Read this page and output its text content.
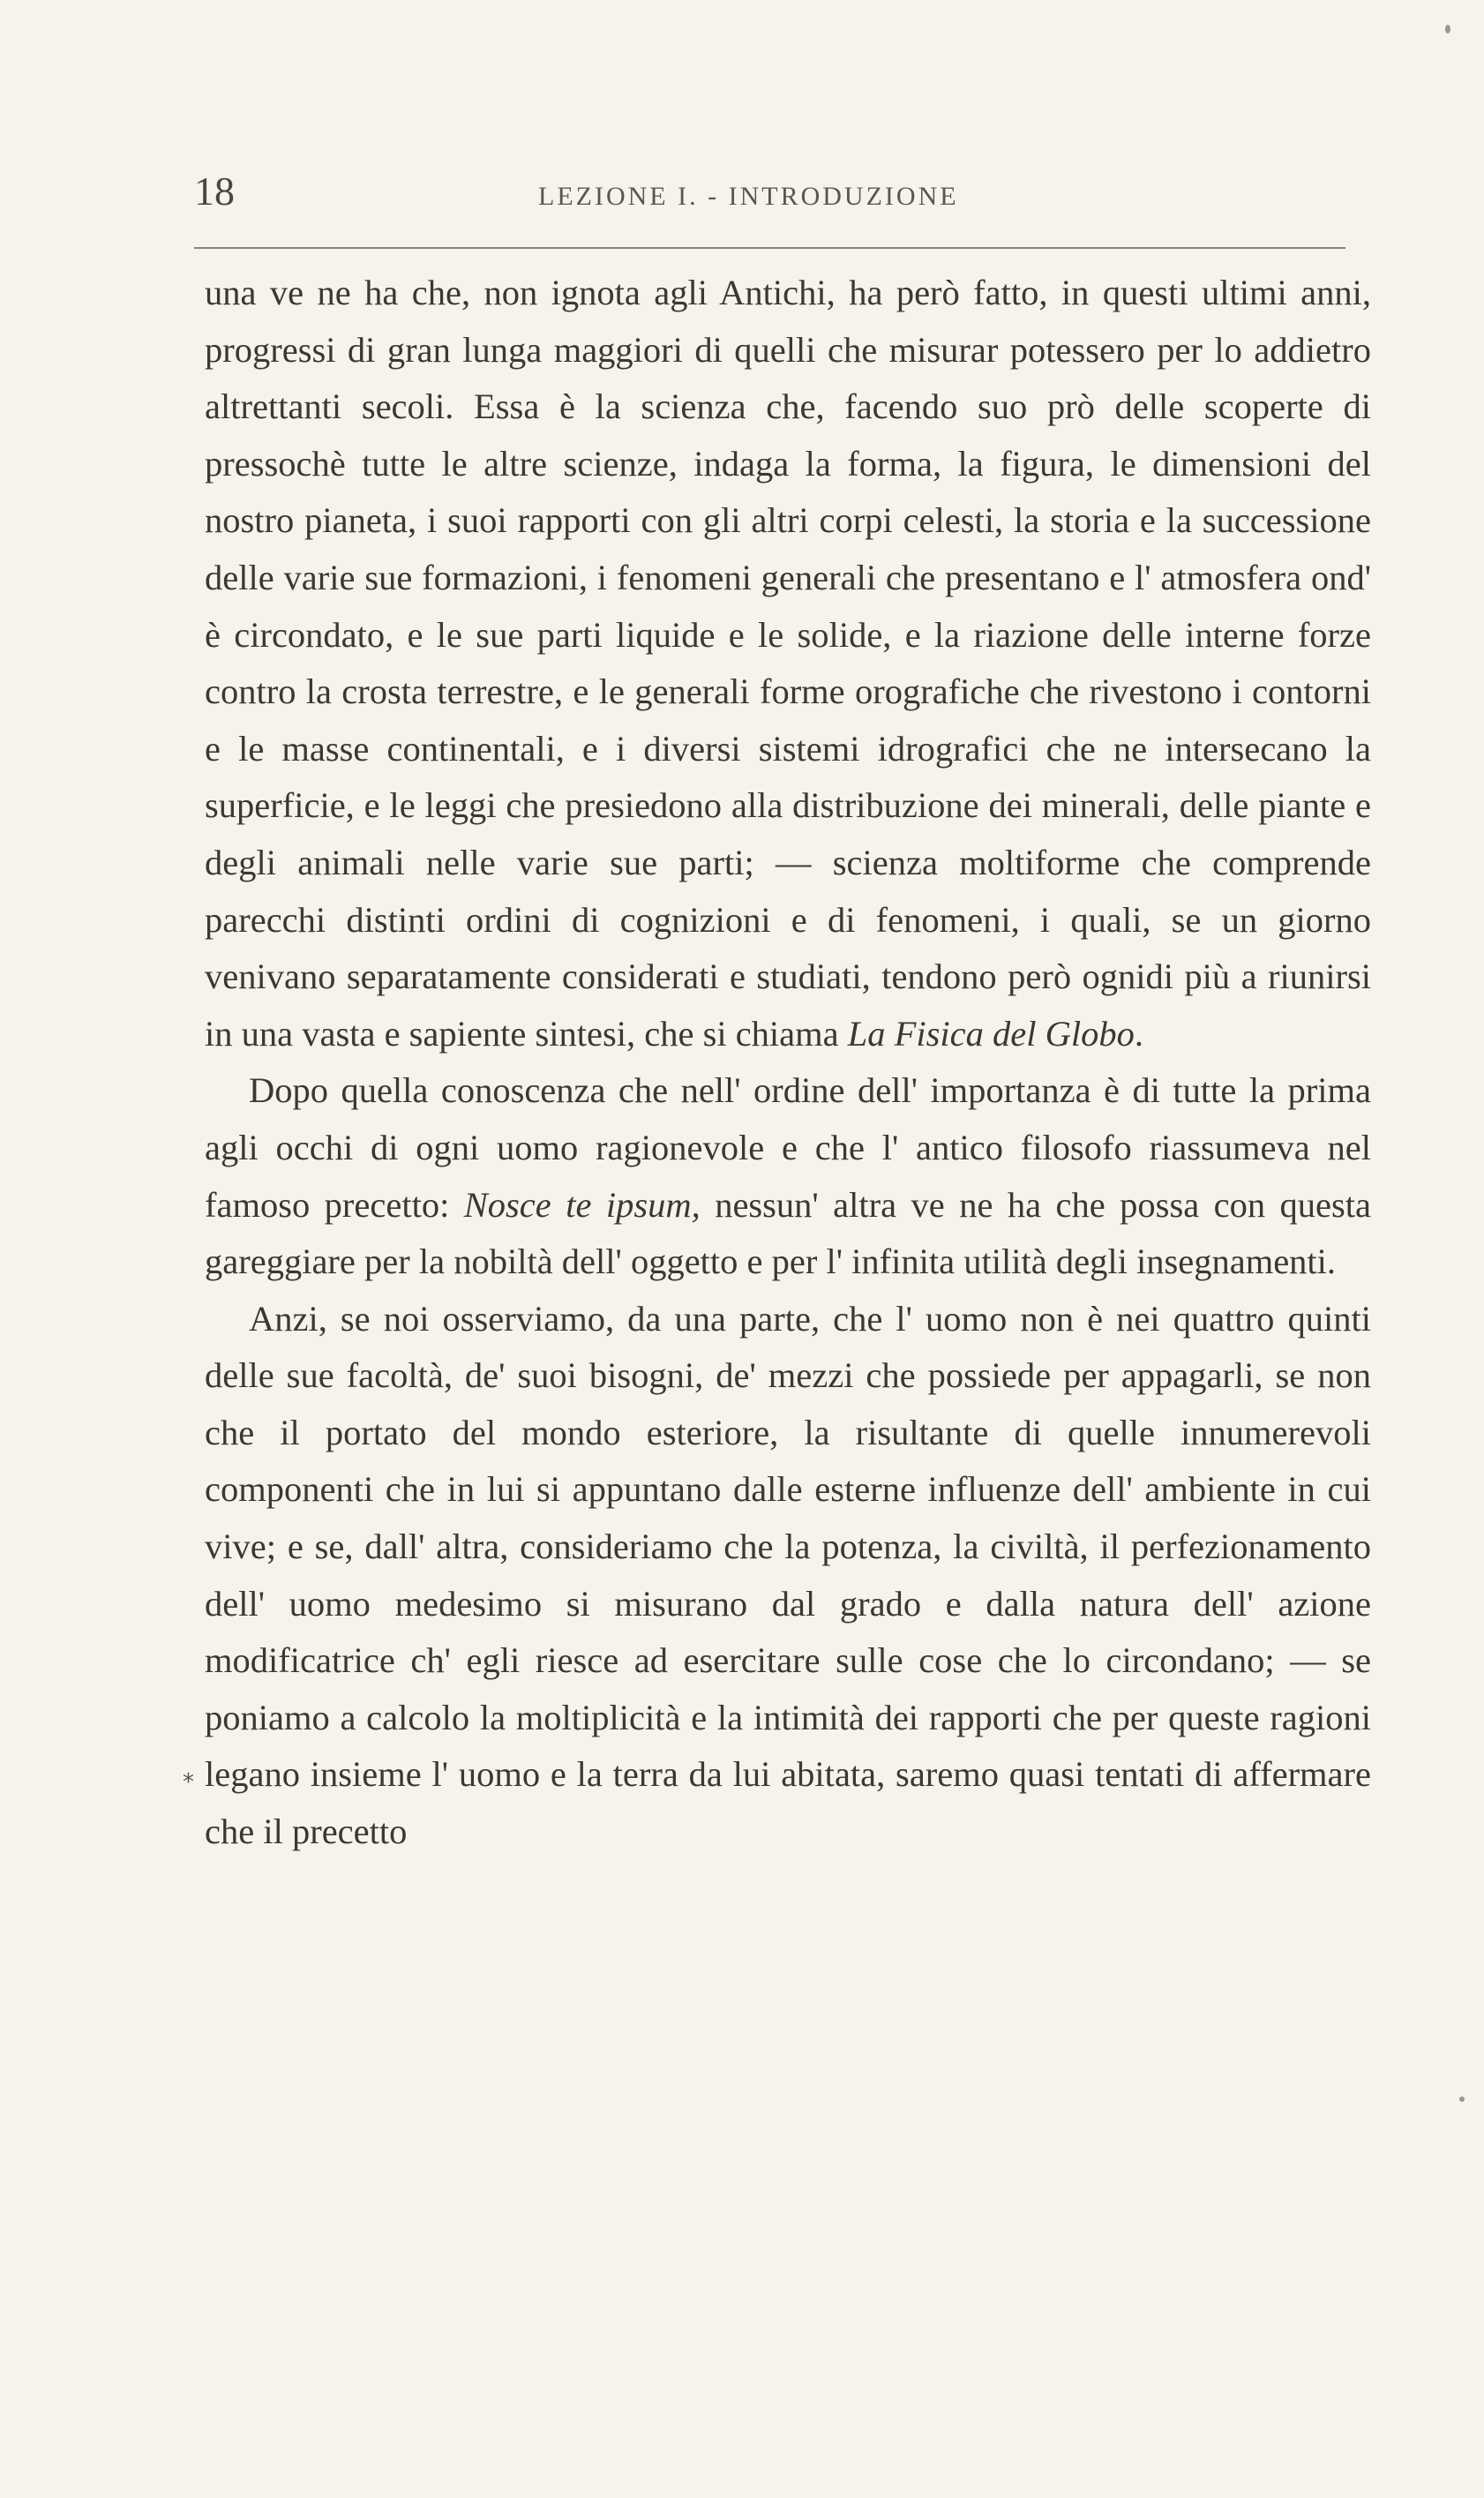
18	LEZIONE I. - INTRODUZIONE

una ve ne ha che, non ignota agli Antichi, ha però fatto, in questi ultimi anni, progressi di gran lunga maggiori di quelli che misurar potessero per lo addietro altrettanti secoli. Essa è la scienza che, facendo suo prò delle scoperte di pressochè tutte le altre scienze, indaga la forma, la figura, le dimensioni del nostro pianeta, i suoi rapporti con gli altri corpi celesti, la storia e la successione delle varie sue formazioni, i fenomeni generali che presentano e l' atmosfera ond' è circondato, e le sue parti liquide e le solide, e la riazione delle interne forze contro la crosta terrestre, e le generali forme orografiche che rivestono i contorni e le masse continentali, e i diversi sistemi idrografici che ne intersecano la superficie, e le leggi che presiedono alla distribuzione dei minerali, delle piante e degli animali nelle varie sue parti; — scienza moltiforme che comprende parecchi distinti ordini di cognizioni e di fenomeni, i quali, se un giorno venivano separatamente considerati e studiati, tendono però ognidi più a riunirsi in una vasta e sapiente sintesi, che si chiama La Fisica del Globo.

Dopo quella conoscenza che nell' ordine dell' importanza è di tutte la prima agli occhi di ogni uomo ragionevole e che l' antico filosofo riassumeva nel famoso precetto: Nosce te ipsum, nessun' altra ve ne ha che possa con questa gareggiare per la nobiltà dell' oggetto e per l' infinita utilità degli insegnamenti.

Anzi, se noi osserviamo, da una parte, che l' uomo non è nei quattro quinti delle sue facoltà, de' suoi bisogni, de' mezzi che possiede per appagarli, se non che il portato del mondo esteriore, la risultante di quelle innumerevoli componenti che in lui si appuntano dalle esterne influenze dell' ambiente in cui vive; e se, dall' altra, consideriamo che la potenza, la civiltà, il perfezionamento dell' uomo medesimo si misurano dal grado e dalla natura dell' azione modificatrice ch' egli riesce ad esercitare sulle cose che lo circondano; — se poniamo a calcolo la moltiplicità e la intimità dei rapporti che per queste ragioni legano insieme l' uomo e la terra da lui abitata, saremo quasi tentati di affermare che il precetto

*
